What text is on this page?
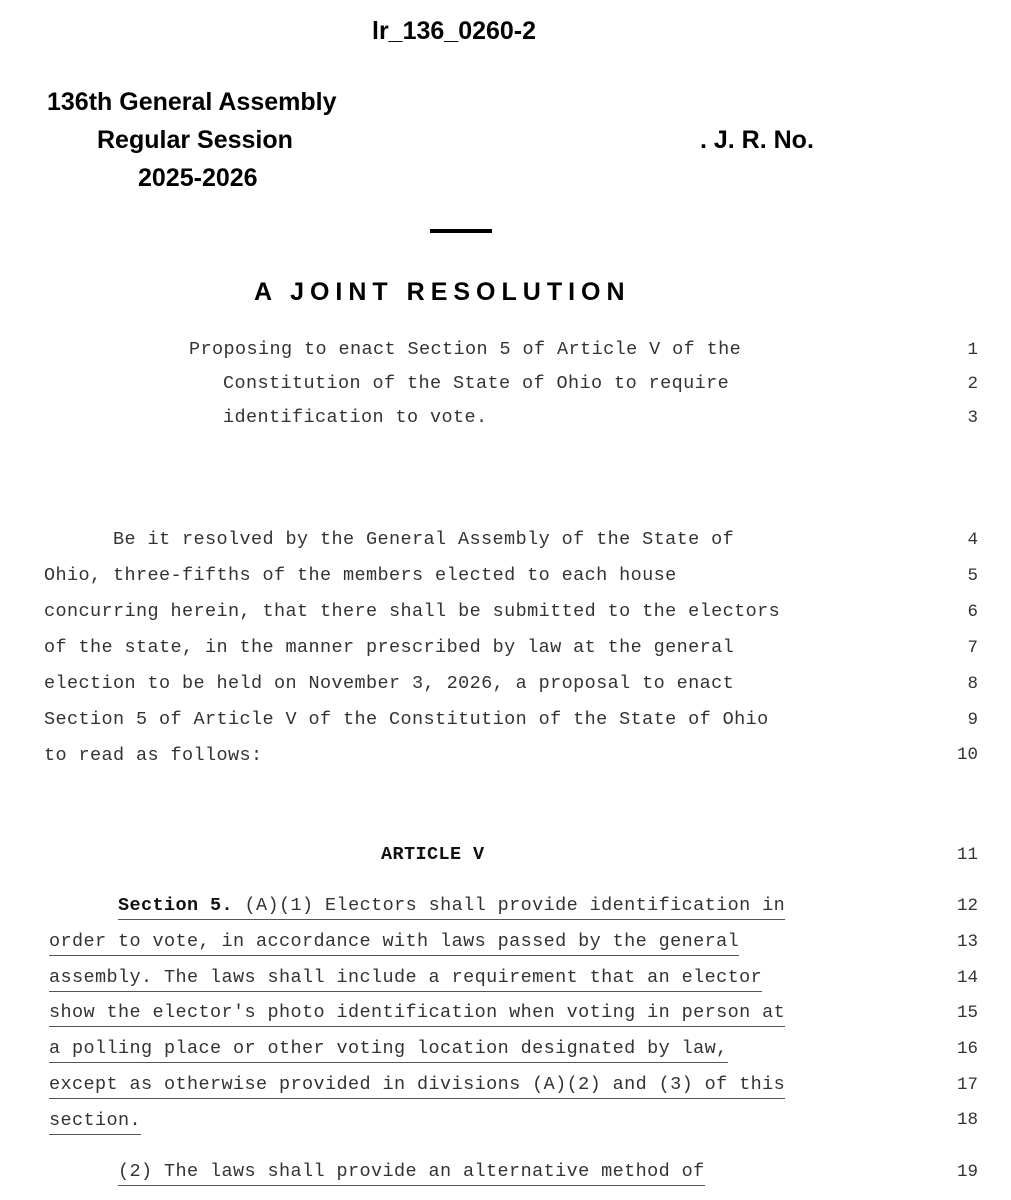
lr_136_0260-2
136th General Assembly
Regular Session
2025-2026
. J. R. No.
A JOINT RESOLUTION
Proposing to enact Section 5 of Article V of the
Constitution of the State of Ohio to require
identification to vote.
Be it resolved by the General Assembly of the State of
Ohio, three-fifths of the members elected to each house
concurring herein, that there shall be submitted to the electors
of the state, in the manner prescribed by law at the general
election to be held on November 3, 2026, a proposal to enact
Section 5 of Article V of the Constitution of the State of Ohio
to read as follows:
ARTICLE V
Section 5. (A)(1) Electors shall provide identification in
order to vote, in accordance with laws passed by the general
assembly. The laws shall include a requirement that an elector
show the elector's photo identification when voting in person at
a polling place or other voting location designated by law,
except as otherwise provided in divisions (A)(2) and (3) of this
section.
(2) The laws shall provide an alternative method of
1
2
3
4
5
6
7
8
9
10
11
12
13
14
15
16
17
18
19
